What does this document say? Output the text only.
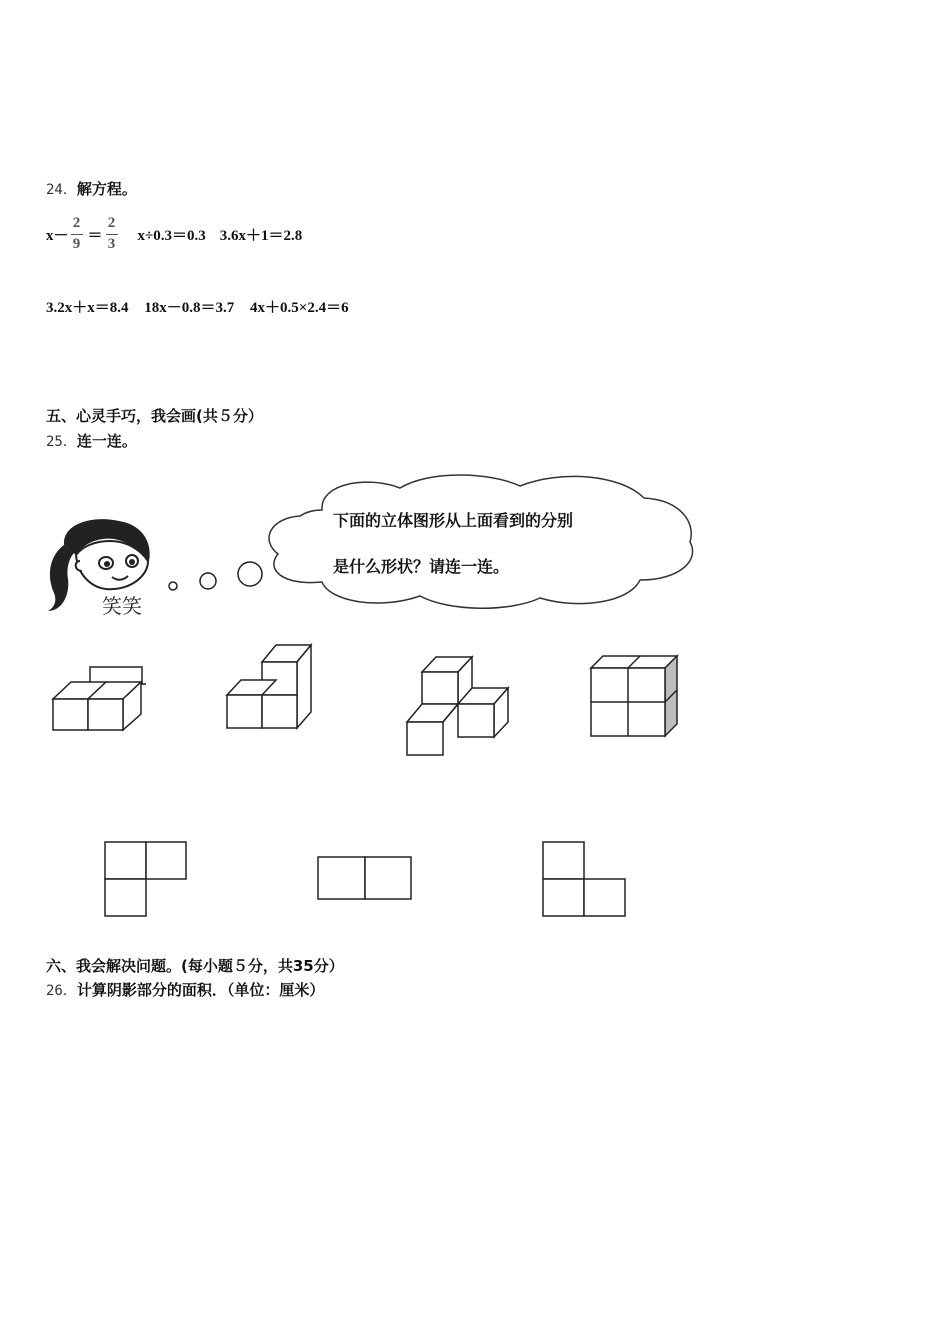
24．解方程。
$x- \frac{2}{9} = \frac{2}{3} x\div 0.3=0.3$ 3.6x＋1＝2.8
3.2x＋x＝8.4 18x－0.8＝3.7 4x＋0.5×2.4＝6
五、心灵手巧，我会画(共５分）
25．连一连。
笑笑
下面的立体图形从上面看到的分别
是什么形状？请连一连。
六、我会解决问题。(每小题５分，共35分）
26．计算阴影部分的面积．（单位：厘米）
